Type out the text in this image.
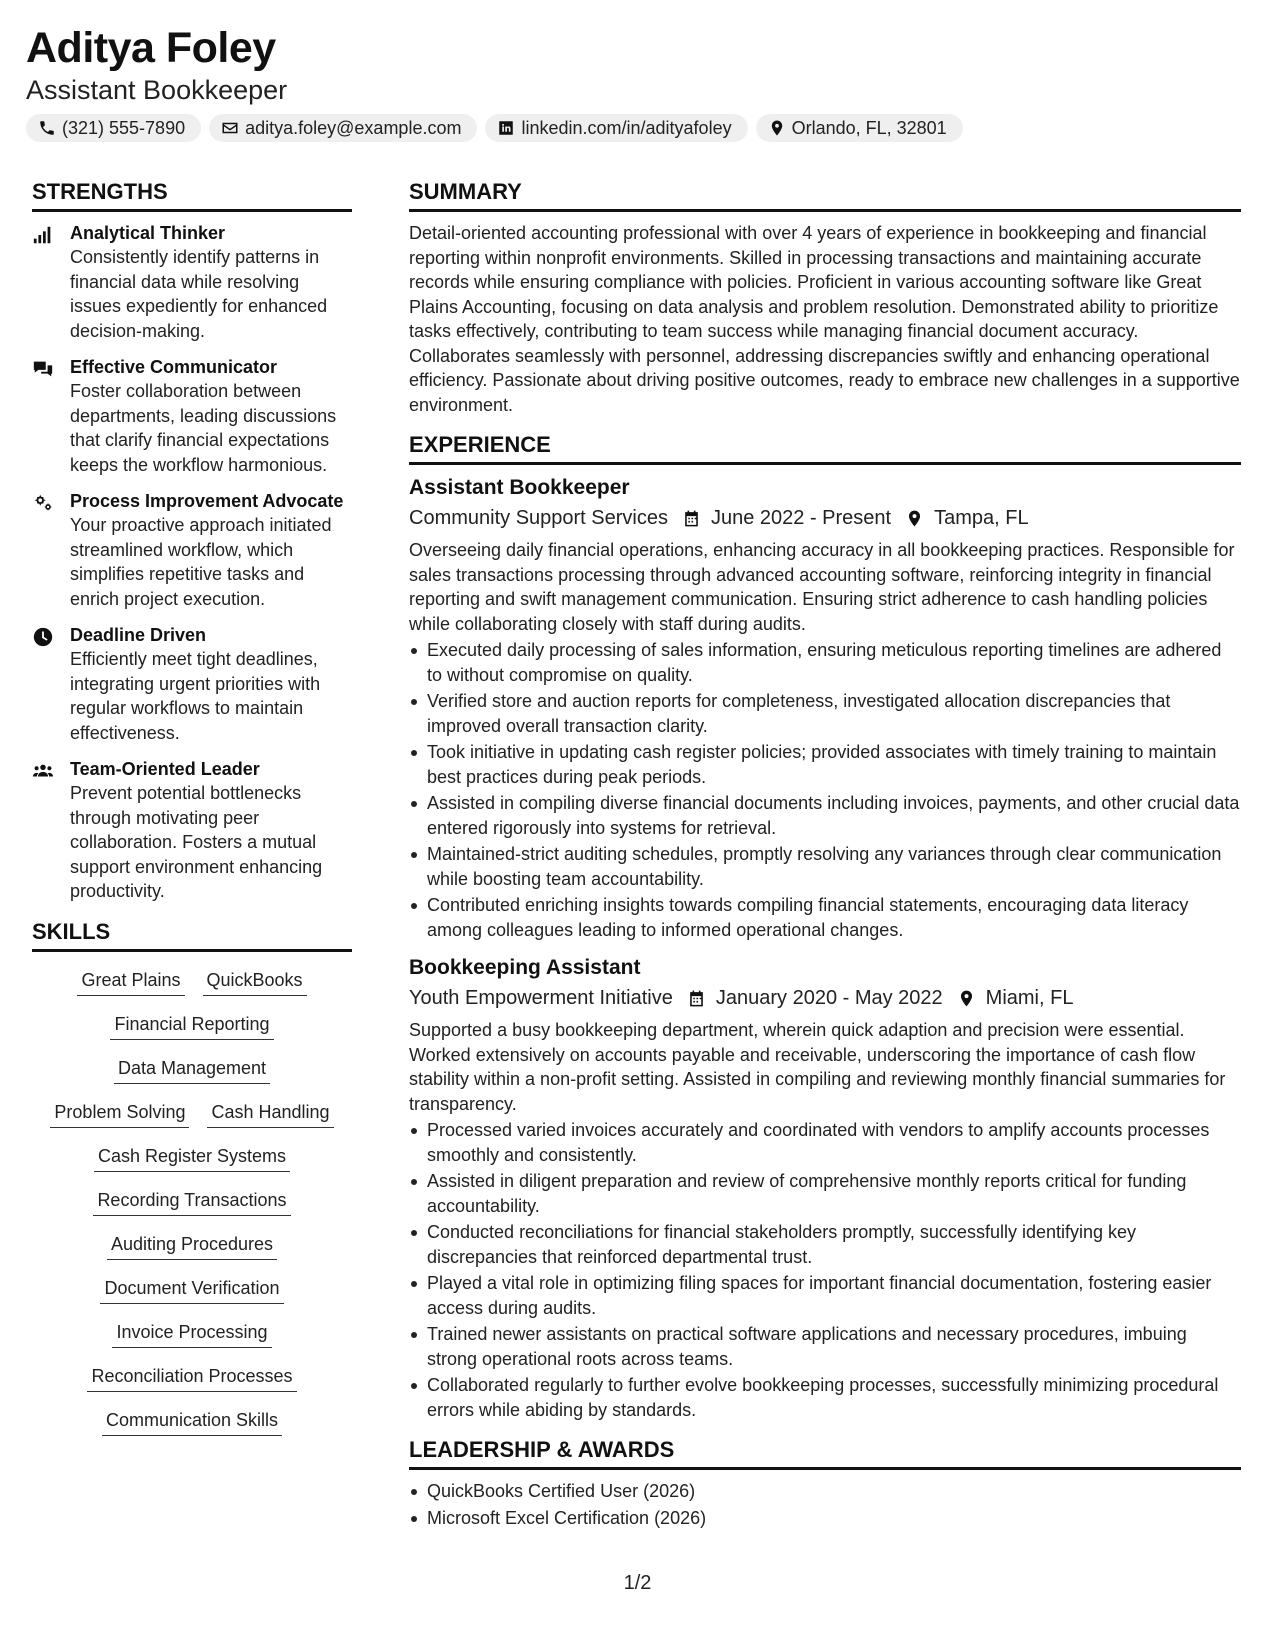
Aditya Foley
Assistant Bookkeeper
(321) 555-7890	aditya.foley@example.com	linkedin.com/in/adityafoley	Orlando, FL, 32801
STRENGTHS
Analytical Thinker
Consistently identify patterns in financial data while resolving issues expediently for enhanced decision-making.
Effective Communicator
Foster collaboration between departments, leading discussions that clarify financial expectations keeps the workflow harmonious.
Process Improvement Advocate
Your proactive approach initiated streamlined workflow, which simplifies repetitive tasks and enrich project execution.
Deadline Driven
Efficiently meet tight deadlines, integrating urgent priorities with regular workflows to maintain effectiveness.
Team-Oriented Leader
Prevent potential bottlenecks through motivating peer collaboration. Fosters a mutual support environment enhancing productivity.
SKILLS
Great Plains QuickBooks
Financial Reporting
Data Management
Problem Solving Cash Handling
Cash Register Systems
Recording Transactions
Auditing Procedures
Document Verification
Invoice Processing
Reconciliation Processes
Communication Skills
SUMMARY
Detail-oriented accounting professional with over 4 years of experience in bookkeeping and financial reporting within nonprofit environments. Skilled in processing transactions and maintaining accurate records while ensuring compliance with policies. Proficient in various accounting software like Great Plains Accounting, focusing on data analysis and problem resolution. Demonstrated ability to prioritize tasks effectively, contributing to team success while managing financial document accuracy. Collaborates seamlessly with personnel, addressing discrepancies swiftly and enhancing operational efficiency. Passionate about driving positive outcomes, ready to embrace new challenges in a supportive environment.
EXPERIENCE
Assistant Bookkeeper
Community Support Services June 2022 - Present Tampa, FL
Overseeing daily financial operations, enhancing accuracy in all bookkeeping practices. Responsible for sales transactions processing through advanced accounting software, reinforcing integrity in financial reporting and swift management communication. Ensuring strict adherence to cash handling policies while collaborating closely with staff during audits.
Executed daily processing of sales information, ensuring meticulous reporting timelines are adhered to without compromise on quality.
Verified store and auction reports for completeness, investigated allocation discrepancies that improved overall transaction clarity.
Took initiative in updating cash register policies; provided associates with timely training to maintain best practices during peak periods.
Assisted in compiling diverse financial documents including invoices, payments, and other crucial data entered rigorously into systems for retrieval.
Maintained-strict auditing schedules, promptly resolving any variances through clear communication while boosting team accountability.
Contributed enriching insights towards compiling financial statements, encouraging data literacy among colleagues leading to informed operational changes.
Bookkeeping Assistant
Youth Empowerment Initiative January 2020 - May 2022 Miami, FL
Supported a busy bookkeeping department, wherein quick adaption and precision were essential. Worked extensively on accounts payable and receivable, underscoring the importance of cash flow stability within a non-profit setting. Assisted in compiling and reviewing monthly financial summaries for transparency.
Processed varied invoices accurately and coordinated with vendors to amplify accounts processes smoothly and consistently.
Assisted in diligent preparation and review of comprehensive monthly reports critical for funding accountability.
Conducted reconciliations for financial stakeholders promptly, successfully identifying key discrepancies that reinforced departmental trust.
Played a vital role in optimizing filing spaces for important financial documentation, fostering easier access during audits.
Trained newer assistants on practical software applications and necessary procedures, imbuing strong operational roots across teams.
Collaborated regularly to further evolve bookkeeping processes, successfully minimizing procedural errors while abiding by standards.
LEADERSHIP & AWARDS
QuickBooks Certified User (2026)
Microsoft Excel Certification (2026)
1/2
